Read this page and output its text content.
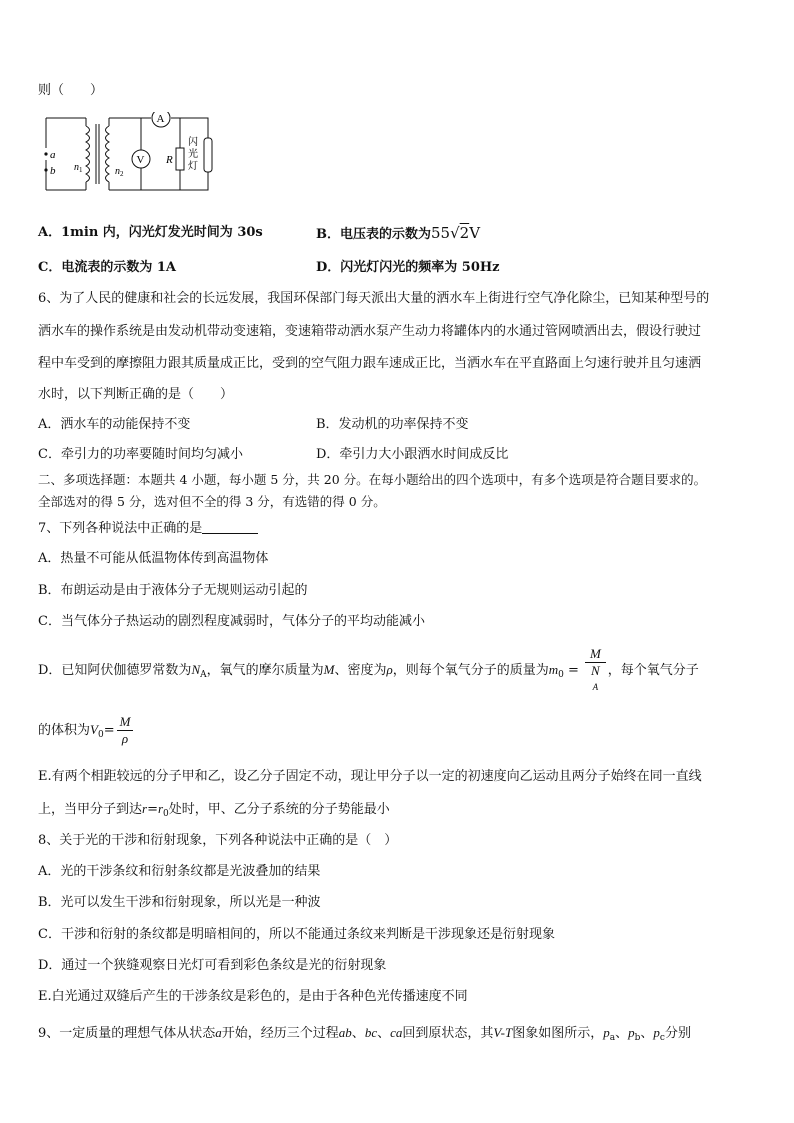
则（　　）
a
b $n_1$	$n_2$
A
V R
闪
光
灯
A．1min 内，闪光灯发光时间为 30s	B．电压表的示数为55√2V
C．电流表的示数为 1A	D．闪光灯闪光的频率为 50Hz
6、为了人民的健康和社会的长远发展，我国环保部门每天派出大量的洒水车上街进行空气净化除尘，已知某种型号的
洒水车的操作系统是由发动机带动变速箱，变速箱带动洒水泵产生动力将罐体内的水通过管网喷洒出去，假设行驶过
程中车受到的摩擦阻力跟其质量成正比，受到的空气阻力跟车速成正比，当洒水车在平直路面上匀速行驶并且匀速洒
水时，以下判断正确的是（　　）
A．洒水车的动能保持不变	B．发动机的功率保持不变
C．牵引力的功率要随时间均匀减小	D．牵引力大小跟洒水时间成反比
二、多项选择题：本题共 4 小题，每小题 5 分，共 20 分。在每小题给出的四个选项中，有多个选项是符合题目要求的。
全部选对的得 5 分，选对但不全的得 3 分，有选错的得 0 分。
7、下列各种说法中正确的是
A．热量不可能从低温物体传到高温物体
B．布朗运动是由于液体分子无规则运动引起的
C．当气体分子热运动的剧烈程度减弱时，气体分子的平均动能减小
D．已知阿伏伽德罗常数为$N_A$，氧气的摩尔质量为M、密度为ρ，则每个氧气分子的质量为$m_0 = M$
N
A ，每个氧气分子
的体积为$V_0= \frac{M}{\rho}$
E.有两个相距较远的分子甲和乙，设乙分子固定不动，现让甲分子以一定的初速度向乙运动且两分子始终在同一直线
上，当甲分子到达$r=r_0$处时，甲、乙分子系统的分子势能最小
8、关于光的干涉和衍射现象，下列各种说法中正确的是（　）
A．光的干涉条纹和衍射条纹都是光波叠加的结果
B．光可以发生干涉和衍射现象，所以光是一种波
C．干涉和衍射的条纹都是明暗相间的，所以不能通过条纹来判断是干涉现象还是衍射现象
D．通过一个狭缝观察日光灯可看到彩色条纹是光的衍射现象
E.白光通过双缝后产生的干涉条纹是彩色的，是由于各种色光传播速度不同
9、一定质量的理想气体从状态a开始，经历三个过程ab、bc、ca回到原状态，其V-T图象如图所示，$p_a$、$p_b$、$p_c$分别
